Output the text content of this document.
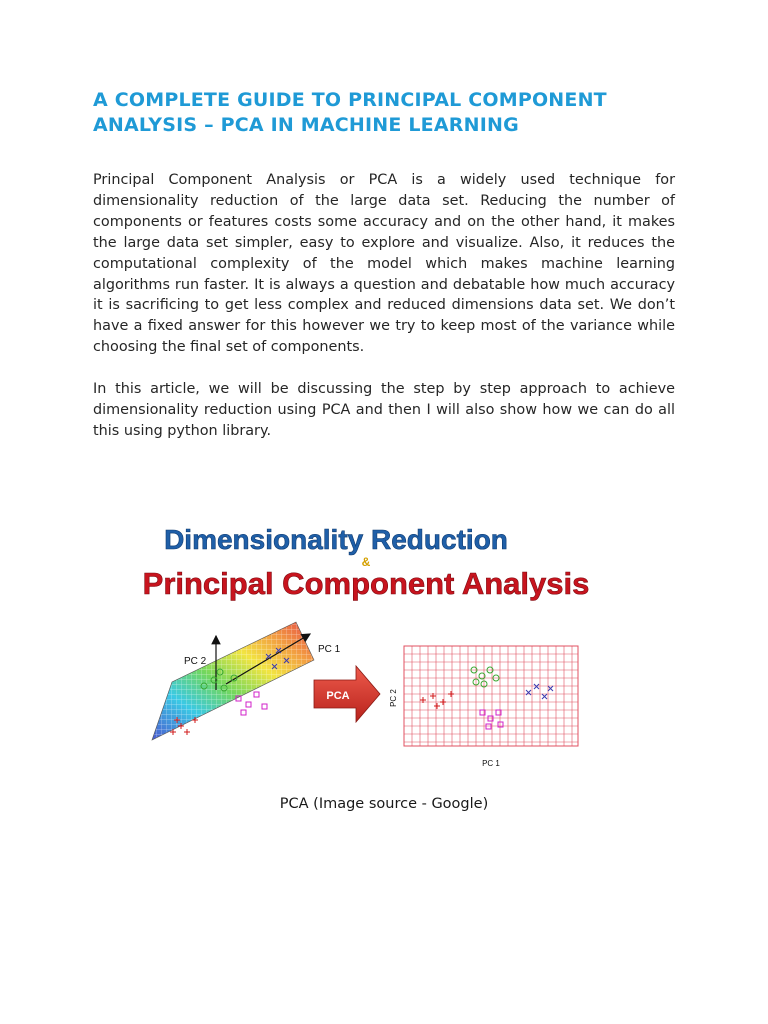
A COMPLETE GUIDE TO PRINCIPAL COMPONENT ANALYSIS – PCA IN MACHINE LEARNING

Principal Component Analysis or PCA is a widely used technique for dimensionality reduction of the large data set. Reducing the number of components or features costs some accuracy and on the other hand, it makes the large data set simpler, easy to explore and visualize. Also, it reduces the computational complexity of the model which makes machine learning algorithms run faster. It is always a question and debatable how much accuracy it is sacrificing to get less complex and reduced dimensions data set. We don’t have a fixed answer for this however we try to keep most of the variance while choosing the final set of components.

In this article, we will be discussing the step by step approach to achieve dimensionality reduction using PCA and then I will also show how we can do all this using python library.

Dimensionality Reduction
&
Principal Component Analysis
PC 1
PC 2
PCA
PC 1
PC 2
PCA (Image source - Google)
